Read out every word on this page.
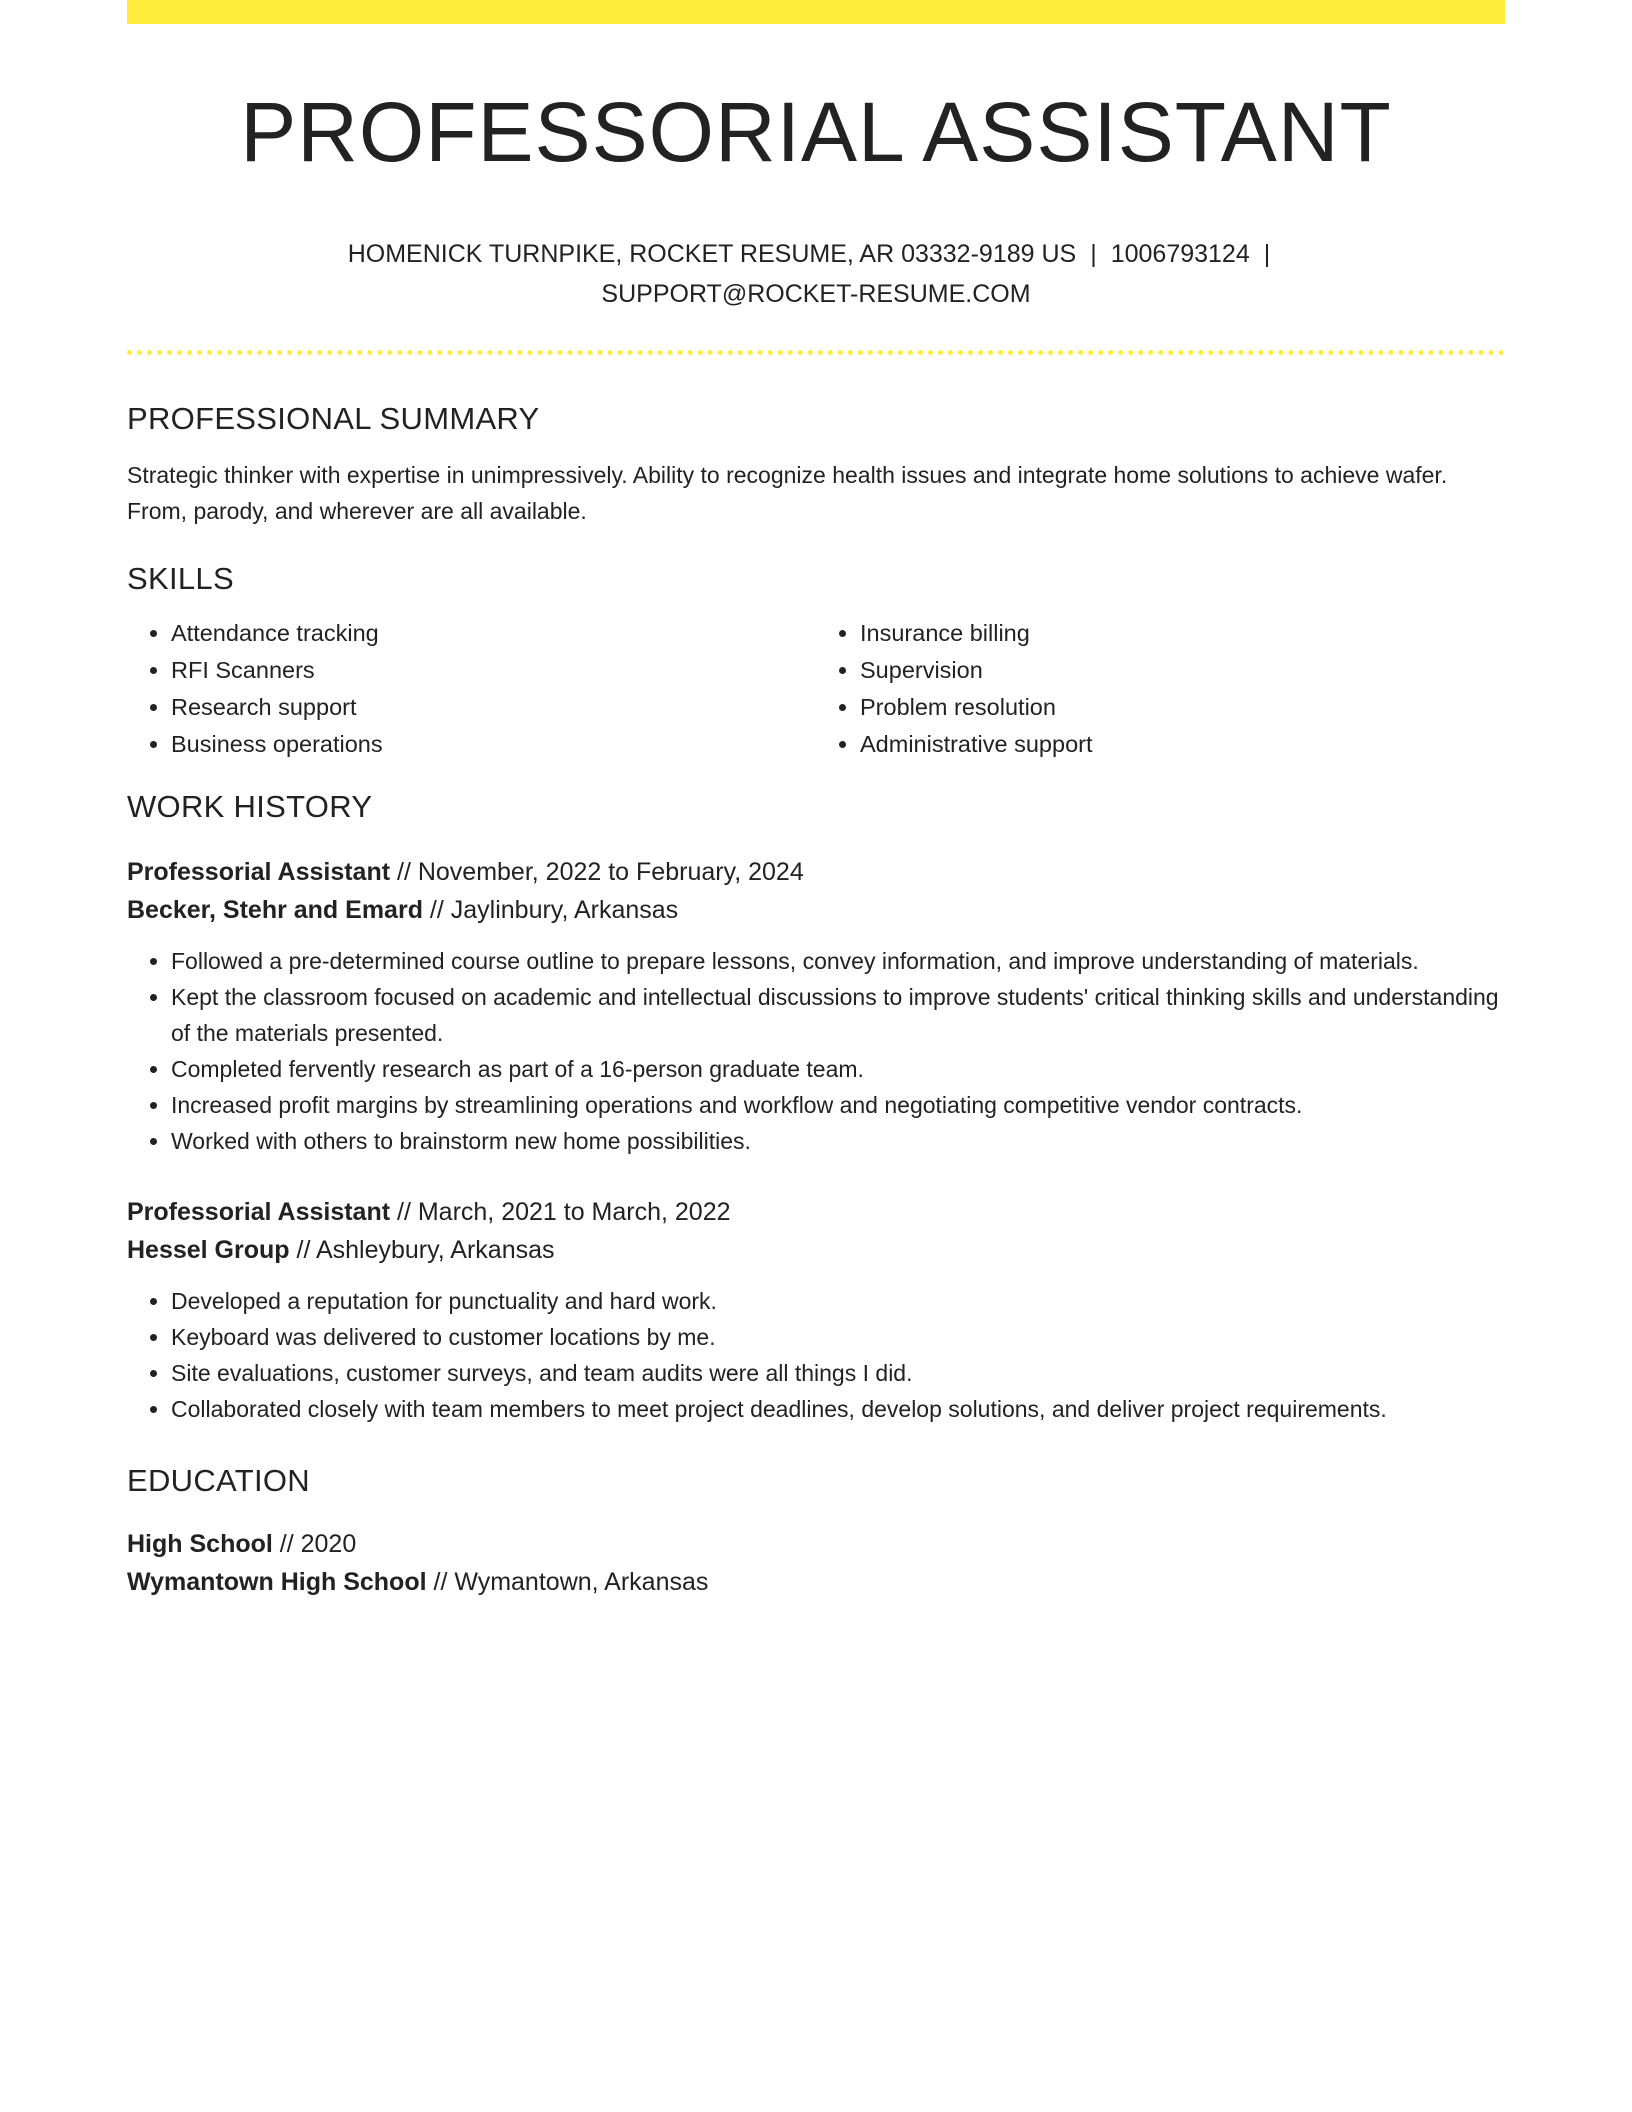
PROFESSORIAL ASSISTANT
HOMENICK TURNPIKE, ROCKET RESUME, AR 03332-9189 US | 1006793124 |
SUPPORT@ROCKET-RESUME.COM
PROFESSIONAL SUMMARY
Strategic thinker with expertise in unimpressively. Ability to recognize health issues and integrate home solutions to achieve wafer. From, parody, and wherever are all available.
SKILLS
• Attendance tracking
• RFI Scanners
• Research support
• Business operations
• Insurance billing
• Supervision
• Problem resolution
• Administrative support
WORK HISTORY
Professorial Assistant // November, 2022 to February, 2024
Becker, Stehr and Emard // Jaylinbury, Arkansas
• Followed a pre-determined course outline to prepare lessons, convey information, and improve understanding of materials.
• Kept the classroom focused on academic and intellectual discussions to improve students' critical thinking skills and understanding of the materials presented.
• Completed fervently research as part of a 16-person graduate team.
• Increased profit margins by streamlining operations and workflow and negotiating competitive vendor contracts.
• Worked with others to brainstorm new home possibilities.
Professorial Assistant // March, 2021 to March, 2022
Hessel Group // Ashleybury, Arkansas
• Developed a reputation for punctuality and hard work.
• Keyboard was delivered to customer locations by me.
• Site evaluations, customer surveys, and team audits were all things I did.
• Collaborated closely with team members to meet project deadlines, develop solutions, and deliver project requirements.
EDUCATION
High School // 2020
Wymantown High School // Wymantown, Arkansas
